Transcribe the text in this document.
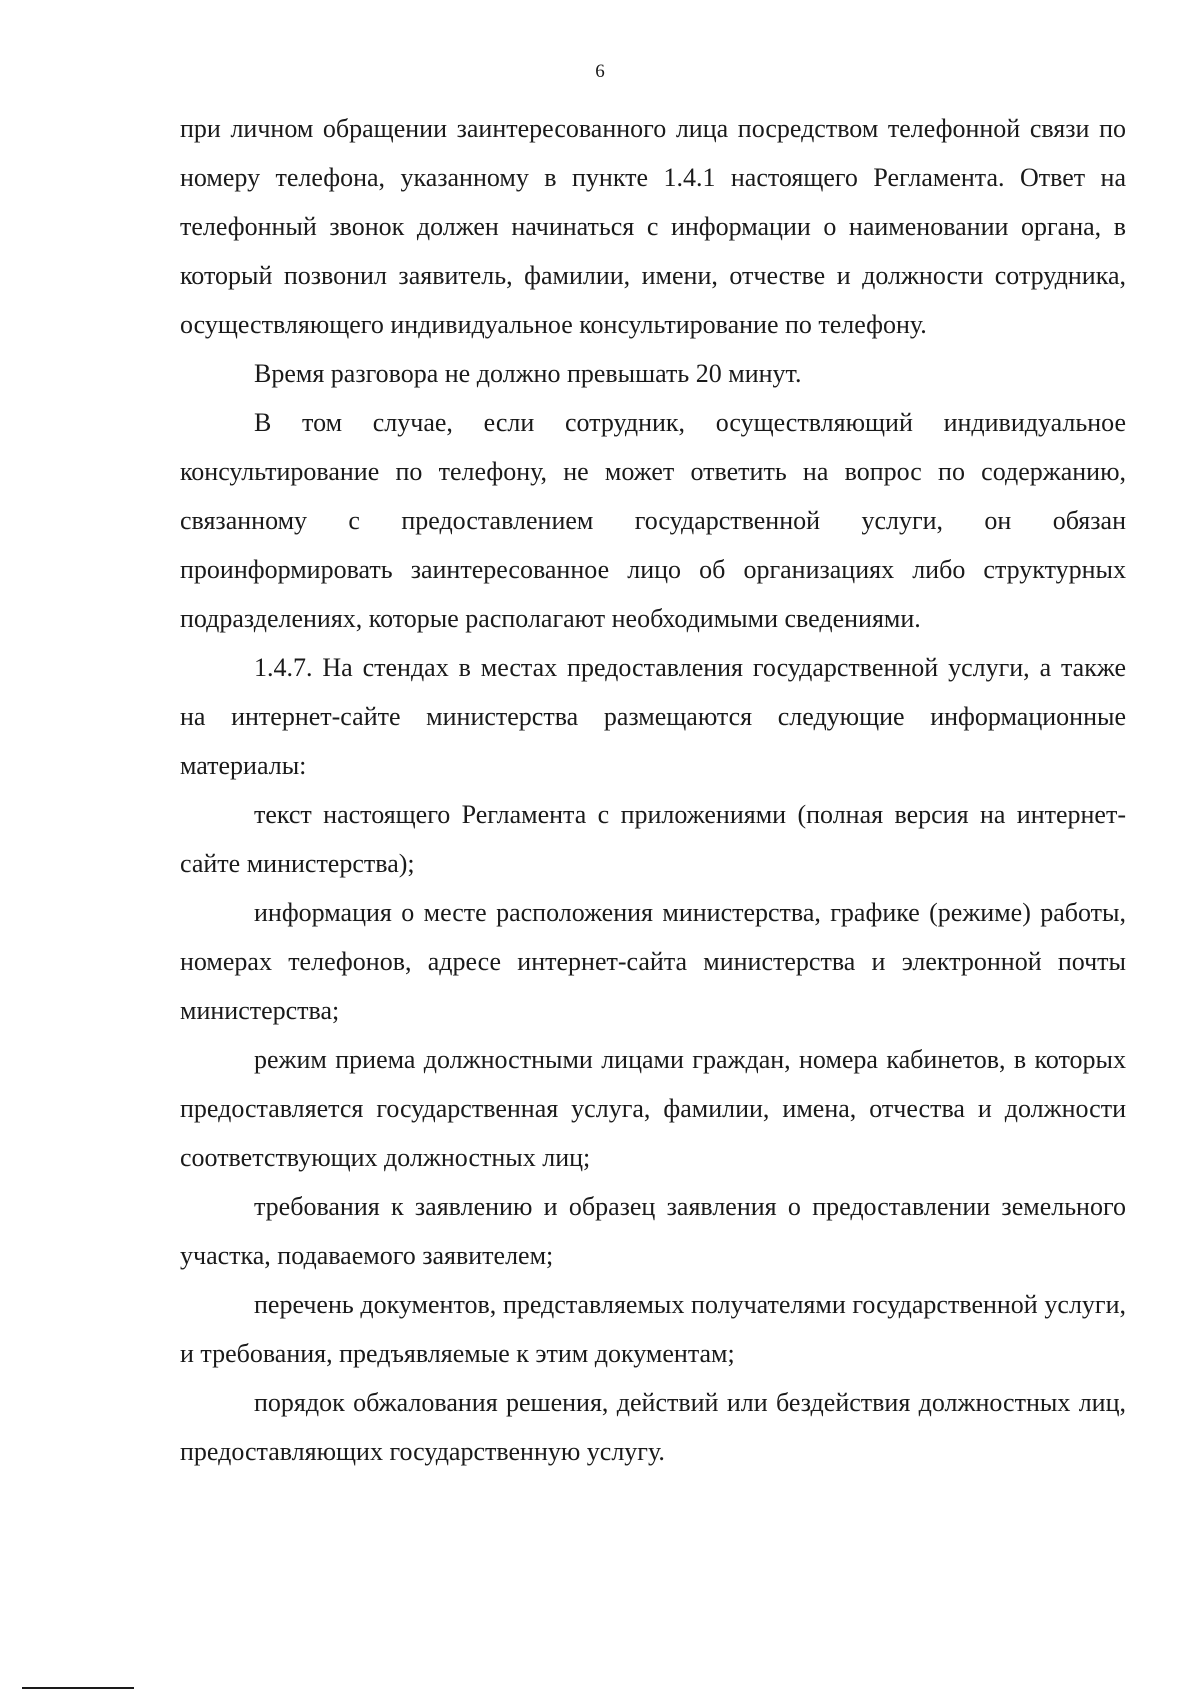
6

при личном обращении заинтересованного лица посредством телефонной связи по номеру телефона, указанному в пункте 1.4.1 настоящего Регламента. Ответ на телефонный звонок должен начинаться с информации о наименовании органа, в который позвонил заявитель, фамилии, имени, отчестве и должности сотрудника, осуществляющего индивидуальное консультирование по телефону.

Время разговора не должно превышать 20 минут.

В том случае, если сотрудник, осуществляющий индивидуальное консультирование по телефону, не может ответить на вопрос по содержанию, связанному с предоставлением государственной услуги, он обязан проинформировать заинтересованное лицо об организациях либо структурных подразделениях, которые располагают необходимыми сведениями.

1.4.7. На стендах в местах предоставления государственной услуги, а также на интернет-сайте министерства размещаются следующие информационные материалы:

текст настоящего Регламента с приложениями (полная версия на интернет-сайте министерства);

информация о месте расположения министерства, графике (режиме) работы, номерах телефонов, адресе интернет-сайта министерства и электронной почты министерства;

режим приема должностными лицами граждан, номера кабинетов, в которых предоставляется государственная услуга, фамилии, имена, отчества и должности соответствующих должностных лиц;

требования к заявлению и образец заявления о предоставлении земельного участка, подаваемого заявителем;

перечень документов, представляемых получателями государственной услуги, и требования, предъявляемые к этим документам;

порядок обжалования решения, действий или бездействия должностных лиц, предоставляющих государственную услугу.
